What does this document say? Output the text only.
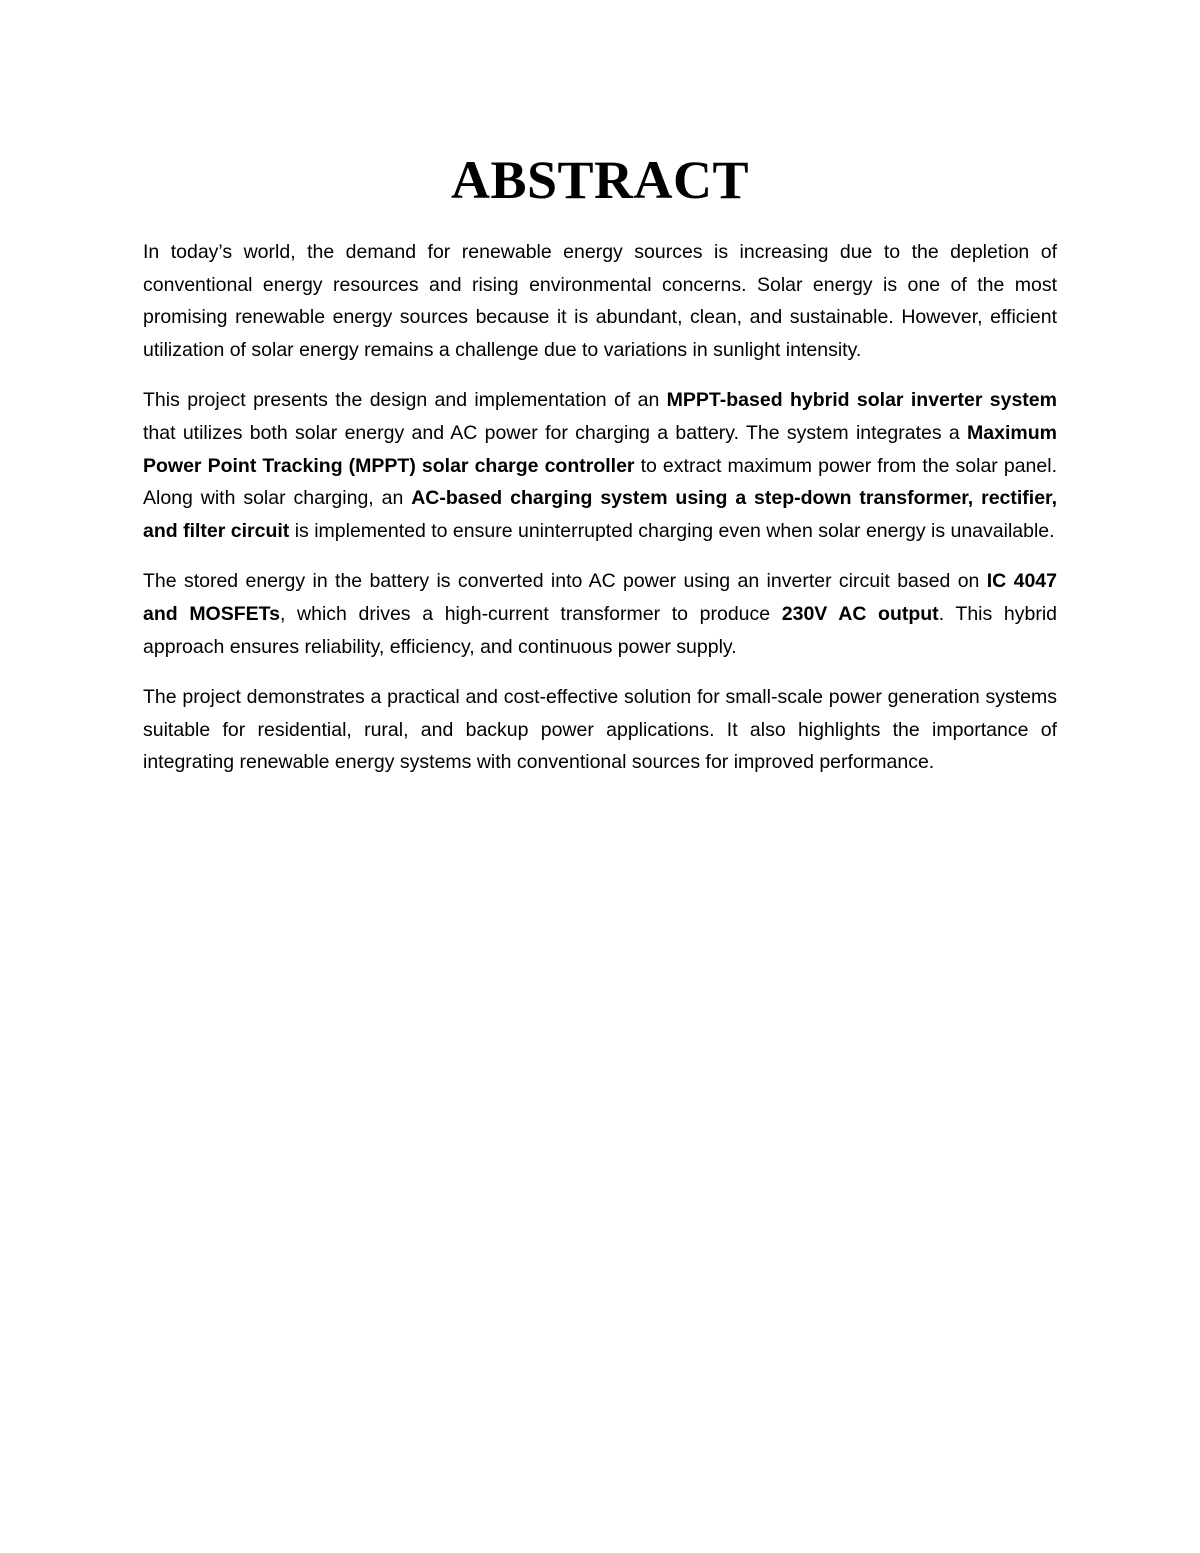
ABSTRACT

In today’s world, the demand for renewable energy sources is increasing due to the depletion of conventional energy resources and rising environmental concerns. Solar energy is one of the most promising renewable energy sources because it is abundant, clean, and sustainable. However, efficient utilization of solar energy remains a challenge due to variations in sunlight intensity.

This project presents the design and implementation of an MPPT-based hybrid solar inverter system that utilizes both solar energy and AC power for charging a battery. The system integrates a Maximum Power Point Tracking (MPPT) solar charge controller to extract maximum power from the solar panel. Along with solar charging, an AC-based charging system using a step-down transformer, rectifier, and filter circuit is implemented to ensure uninterrupted charging even when solar energy is unavailable.

The stored energy in the battery is converted into AC power using an inverter circuit based on IC 4047 and MOSFETs, which drives a high-current transformer to produce 230V AC output. This hybrid approach ensures reliability, efficiency, and continuous power supply.

The project demonstrates a practical and cost-effective solution for small-scale power generation systems suitable for residential, rural, and backup power applications. It also highlights the importance of integrating renewable energy systems with conventional sources for improved performance.
